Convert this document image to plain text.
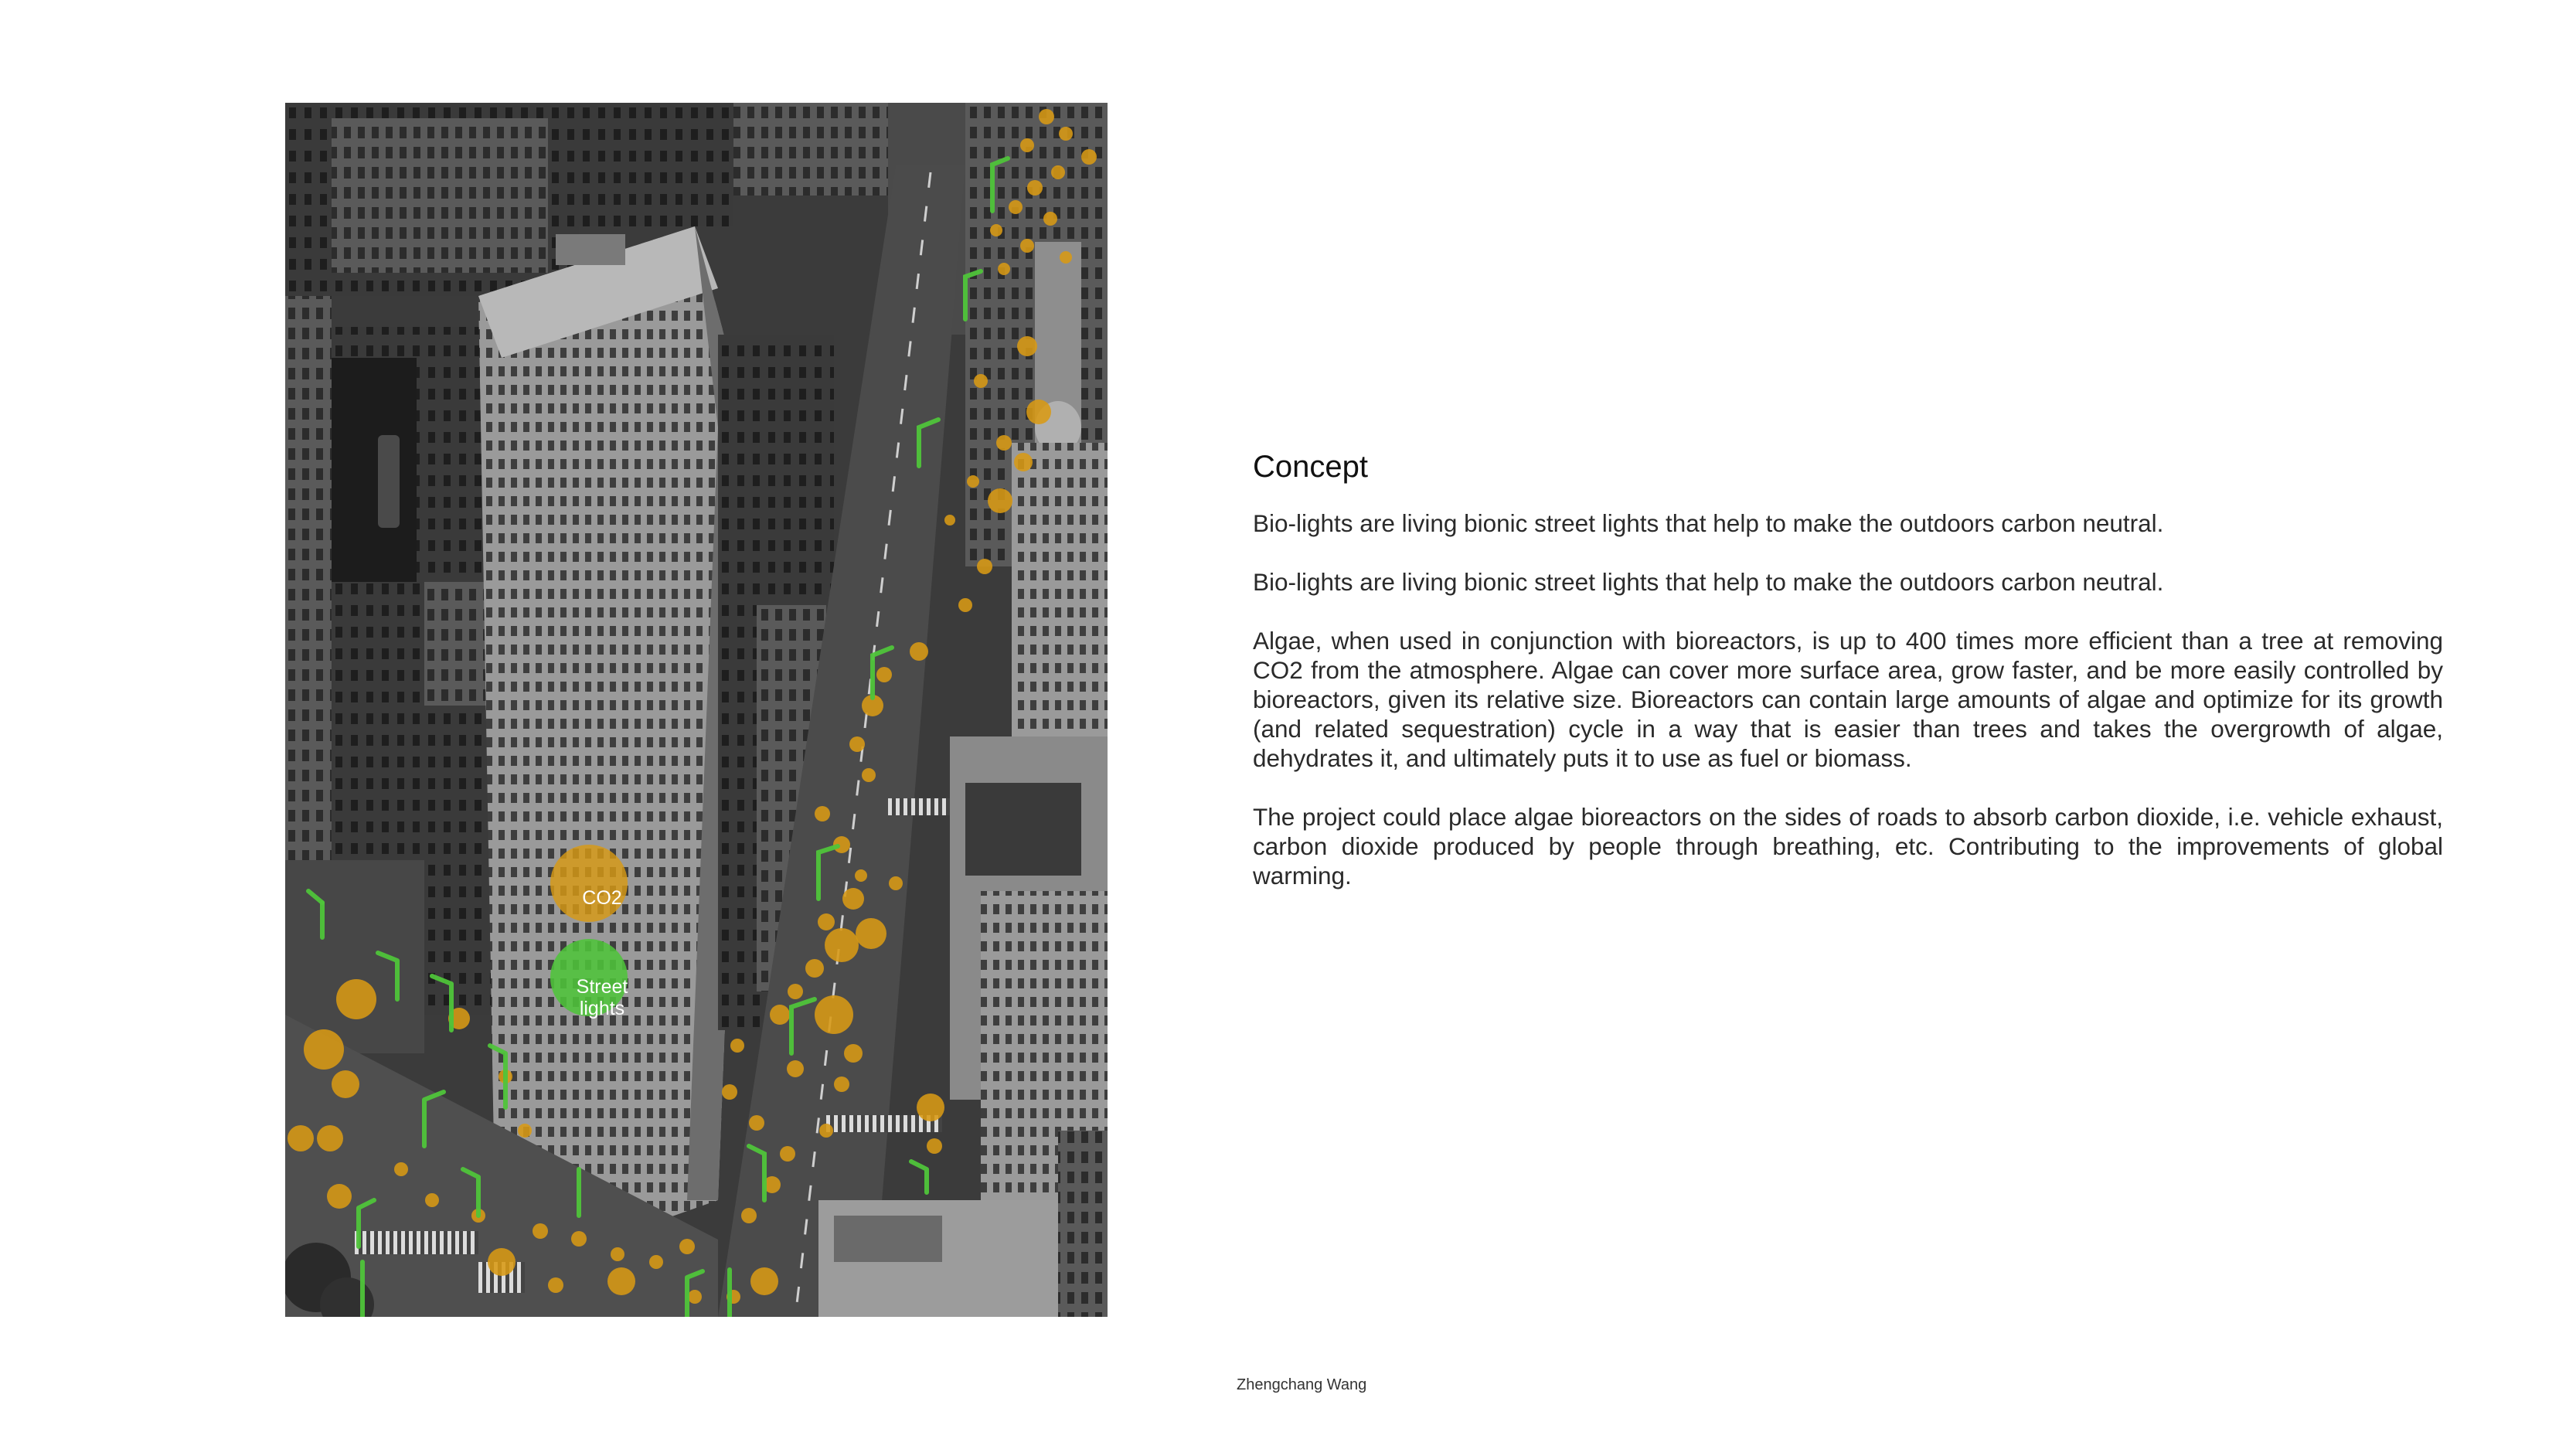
CO2
Street lights
Concept

Bio-lights are living bionic street lights that help to make the outdoors carbon neutral.

Bio-lights are living bionic street lights that help to make the outdoors carbon neutral.

Algae, when used in conjunction with bioreactors, is up to 400 times more efficient than a tree at removing CO2 from the atmosphere. Algae can cover more surface area, grow faster, and be more easily controlled by bioreactors, given its relative size. Bioreactors can contain large amounts of algae and optimize for its growth (and related sequestration) cycle in a way that is easier than trees and takes the overgrowth of algae, dehydrates it, and ultimately puts it to use as fuel or biomass.

The project could place algae bioreactors on the sides of roads to absorb carbon dioxide, i.e. vehicle exhaust, carbon dioxide produced by people through breathing, etc. Contributing to the improvements of global warming.

Zhengchang Wang
